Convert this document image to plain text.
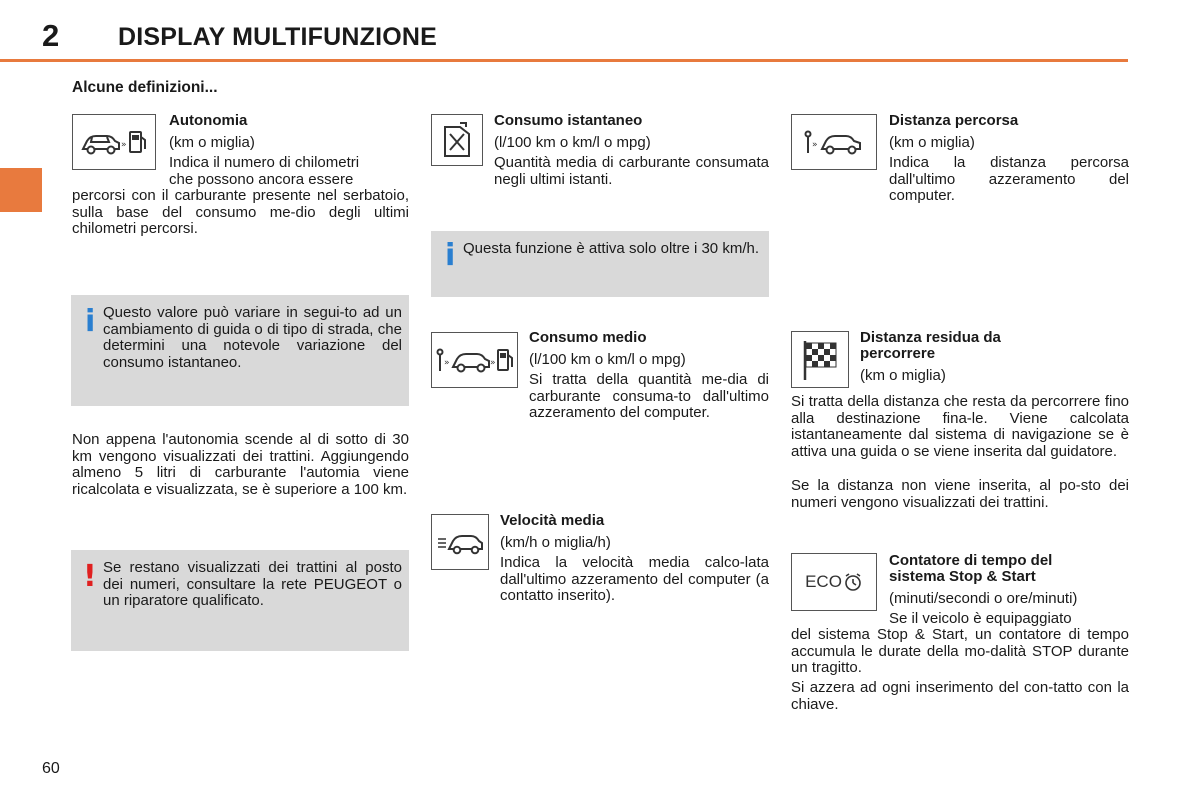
2 DISPLAY MULTIFUNZIONE
Alcune definizioni...
»
Autonomia
(km o miglia)
Indica il numero di chilometri
che possono ancora essere
percorsi con il carburante presente nel serbatoio, sulla base del consumo me-dio degli ultimi chilometri percorsi.
i Questo valore può variare in segui-to ad un cambiamento di guida o di tipo di strada, che determini una notevole variazione del consumo istantaneo.
Non appena l'autonomia scende al di sotto di 30 km vengono visualizzati dei trattini. Aggiungendo almeno 5 litri di carburante l'automia viene ricalcolata e visualizzata, se è superiore a 100 km.
! Se restano visualizzati dei trattini al posto dei numeri, consultare la rete PEUGEOT o un riparatore qualificato.
Consumo istantaneo
(l/100 km o km/l o mpg)
Quantità media di carburante consumata negli ultimi istanti.
i Questa funzione è attiva solo oltre i 30 km/h.
»	»
Consumo medio
(l/100 km o km/l o mpg)
Si tratta della quantità me-dia di carburante consuma-to dall'ultimo azzeramento del computer.
Velocità media
(km/h o miglia/h)
Indica la velocità media calco-lata dall'ultimo azzeramento del computer (a contatto inserito).
»
Distanza percorsa
(km o miglia)
Indica la distanza percorsa dall'ultimo azzeramento del computer.
Distanza residua da
percorrere
(km o miglia)
Si tratta della distanza che resta da percorrere fino alla destinazione fina-le. Viene calcolata istantaneamente dal sistema di navigazione se è attiva una guida o se viene inserita dal guidatore.
Se la distanza non viene inserita, al po-sto dei numeri vengono visualizzati dei trattini.
ECO
Contatore di tempo del
sistema Stop & Start
(minuti/secondi o ore/minuti)
Se il veicolo è equipaggiato
del sistema Stop & Start, un contatore di tempo accumula le durate della mo-dalità STOP durante un tragitto.
Si azzera ad ogni inserimento del con-tatto con la chiave.
60
